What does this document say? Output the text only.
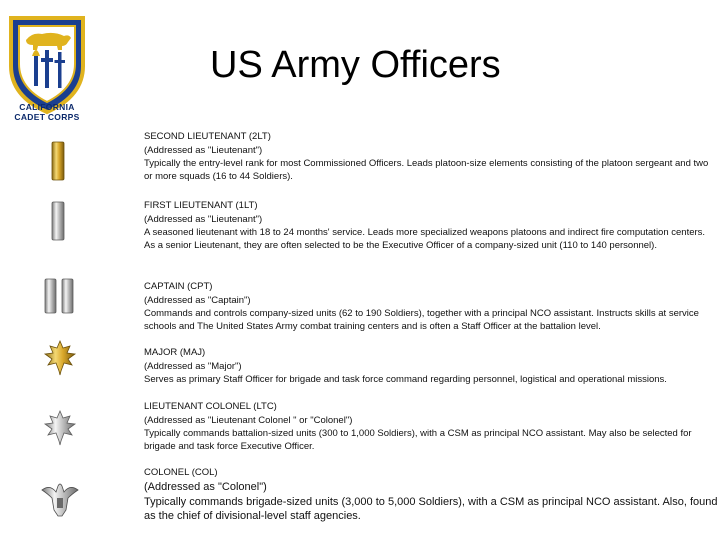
CALIFORNIA
CADET CORPS
US Army Officers
SECOND LIEUTENANT (2LT)
(Addressed as "Lieutenant")
Typically the entry-level rank for most Commissioned Officers. Leads platoon-size elements consisting of the platoon sergeant and two or more squads (16 to 44 Soldiers).
FIRST LIEUTENANT (1LT)
(Addressed as "Lieutenant")
A seasoned lieutenant with 18 to 24 months' service. Leads more specialized weapons platoons and indirect fire computation centers. As a senior Lieutenant, they are often selected to be the Executive Officer of a company-sized unit (110 to 140 personnel).
CAPTAIN (CPT)
(Addressed as "Captain")
Commands and controls company-sized units (62 to 190 Soldiers), together with a principal NCO assistant. Instructs skills at service schools and The United States Army combat training centers and is often a Staff Officer at the battalion level.
MAJOR (MAJ)
(Addressed as "Major")
Serves as primary Staff Officer for brigade and task force command regarding personnel, logistical and operational missions.
LIEUTENANT COLONEL (LTC)
(Addressed as "Lieutenant Colonel " or "Colonel")
Typically commands battalion-sized units (300 to 1,000 Soldiers), with a CSM as principal NCO assistant. May also be selected for brigade and task force Executive Officer.
COLONEL (COL)
(Addressed as "Colonel")
Typically commands brigade-sized units (3,000 to 5,000 Soldiers), with a CSM as principal NCO assistant. Also, found as the chief of divisional-level staff agencies.
